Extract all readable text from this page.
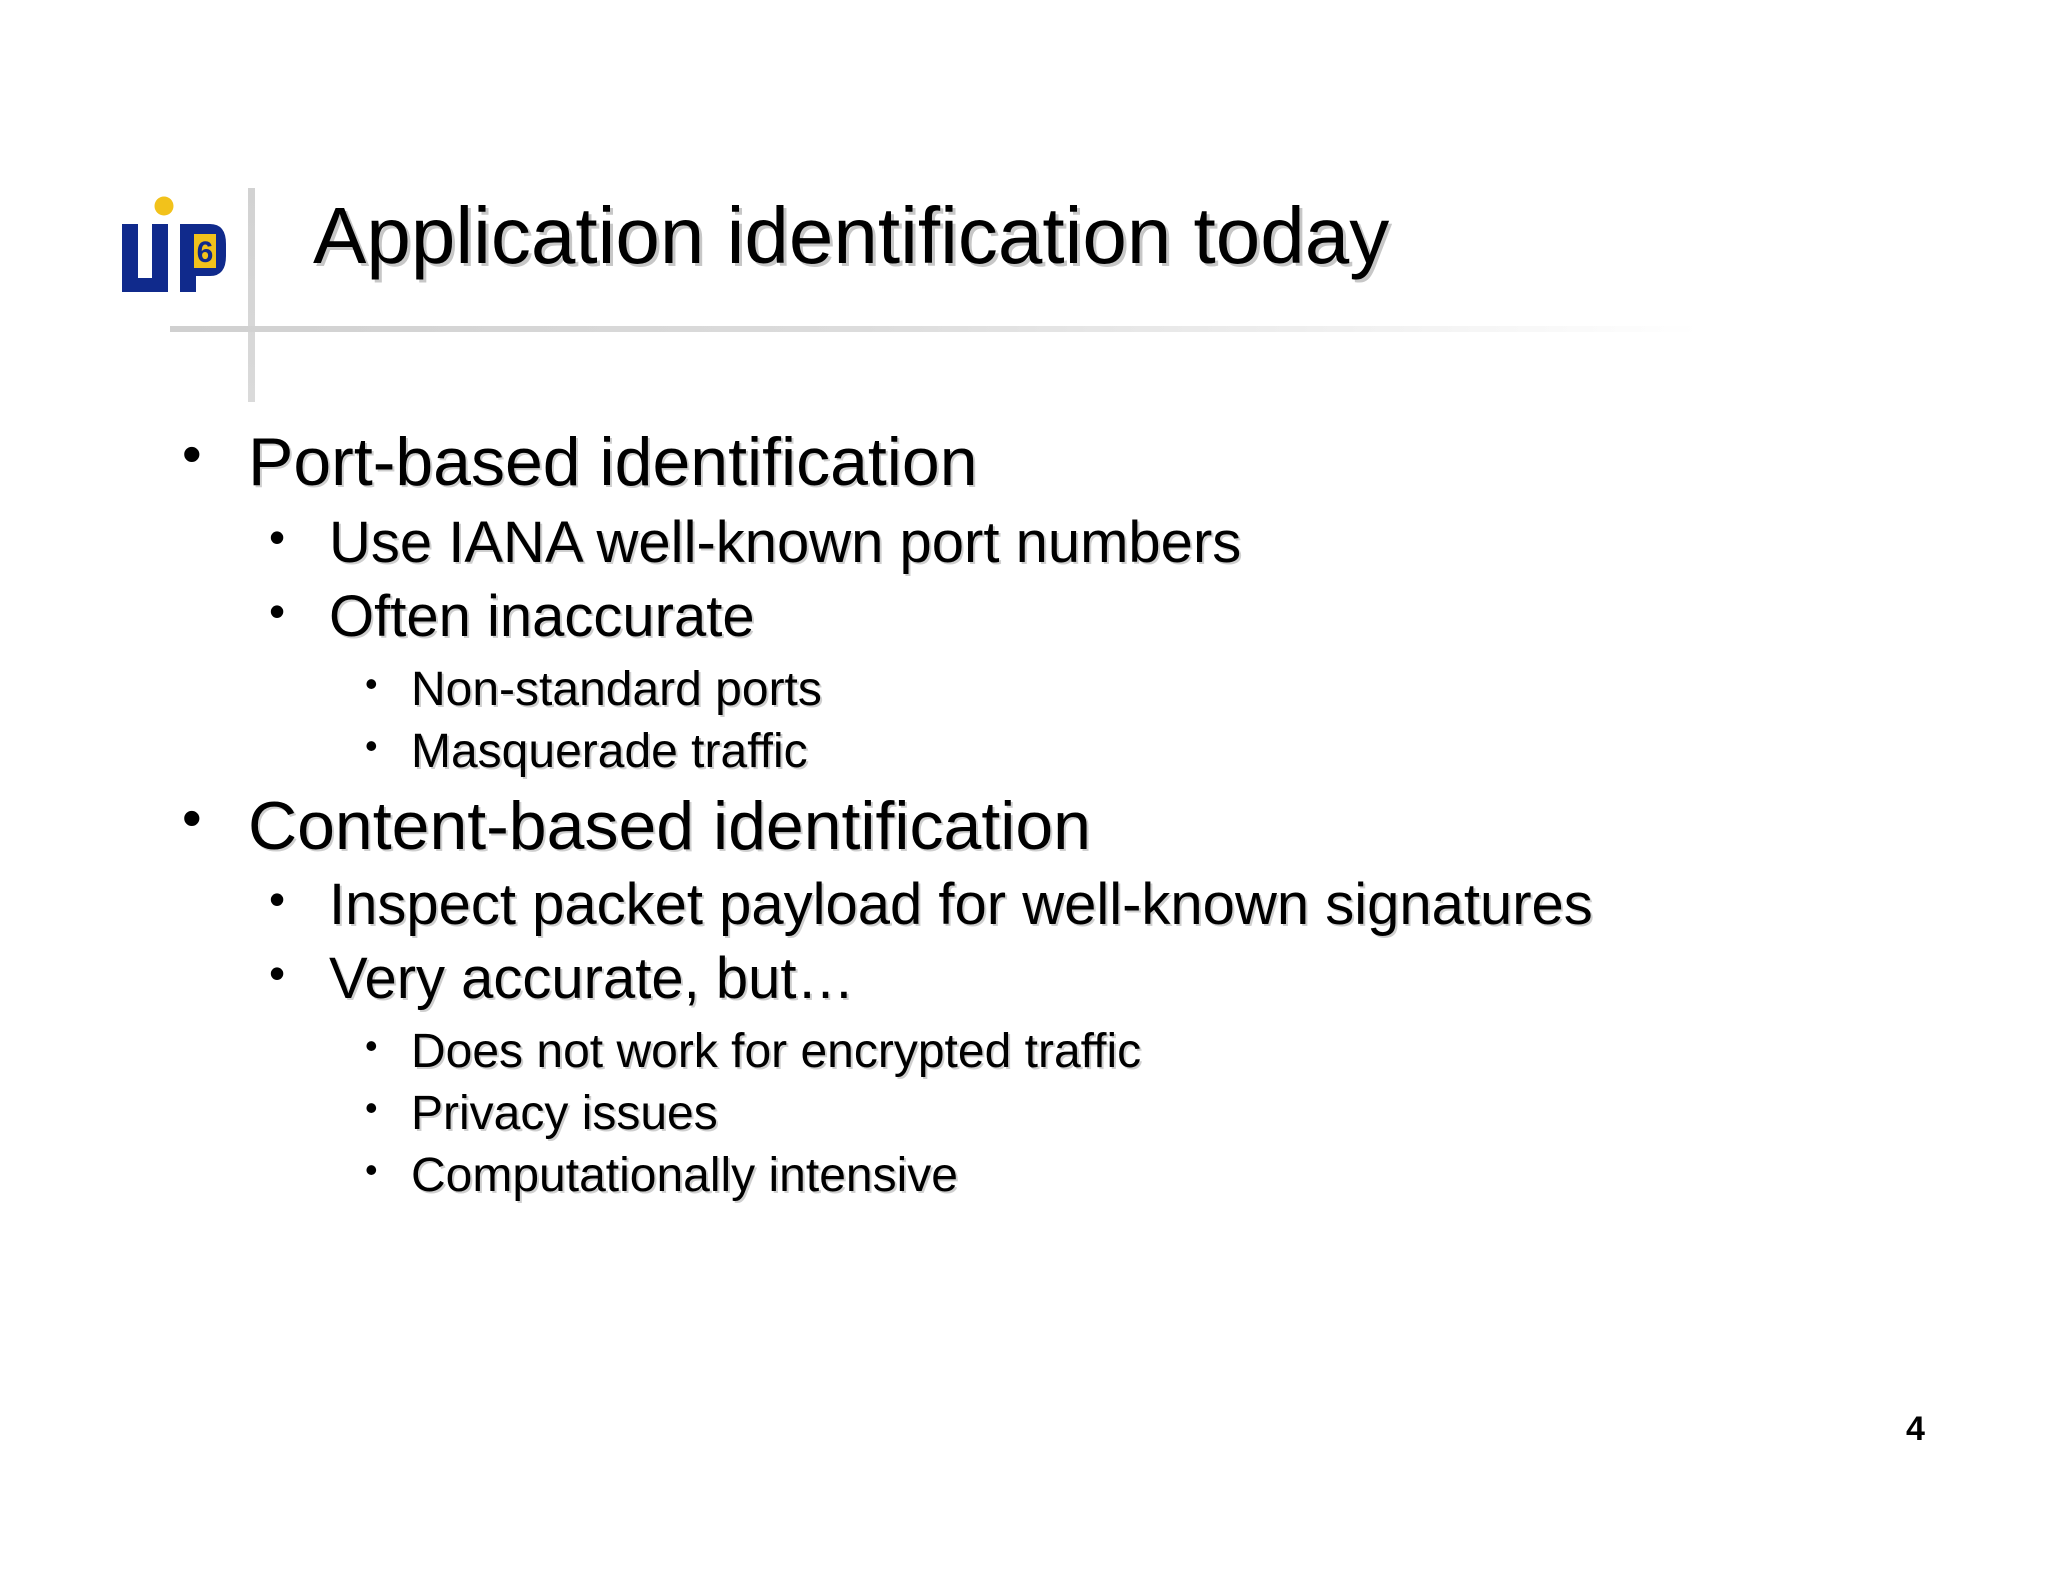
6 Application identification today
• Port-based identification
• Use IANA well-known port numbers
• Often inaccurate
• Non-standard ports
• Masquerade traffic
• Content-based identification
• Inspect packet payload for well-known signatures
• Very accurate, but…
• Does not work for encrypted traffic
• Privacy issues
• Computationally intensive
4
